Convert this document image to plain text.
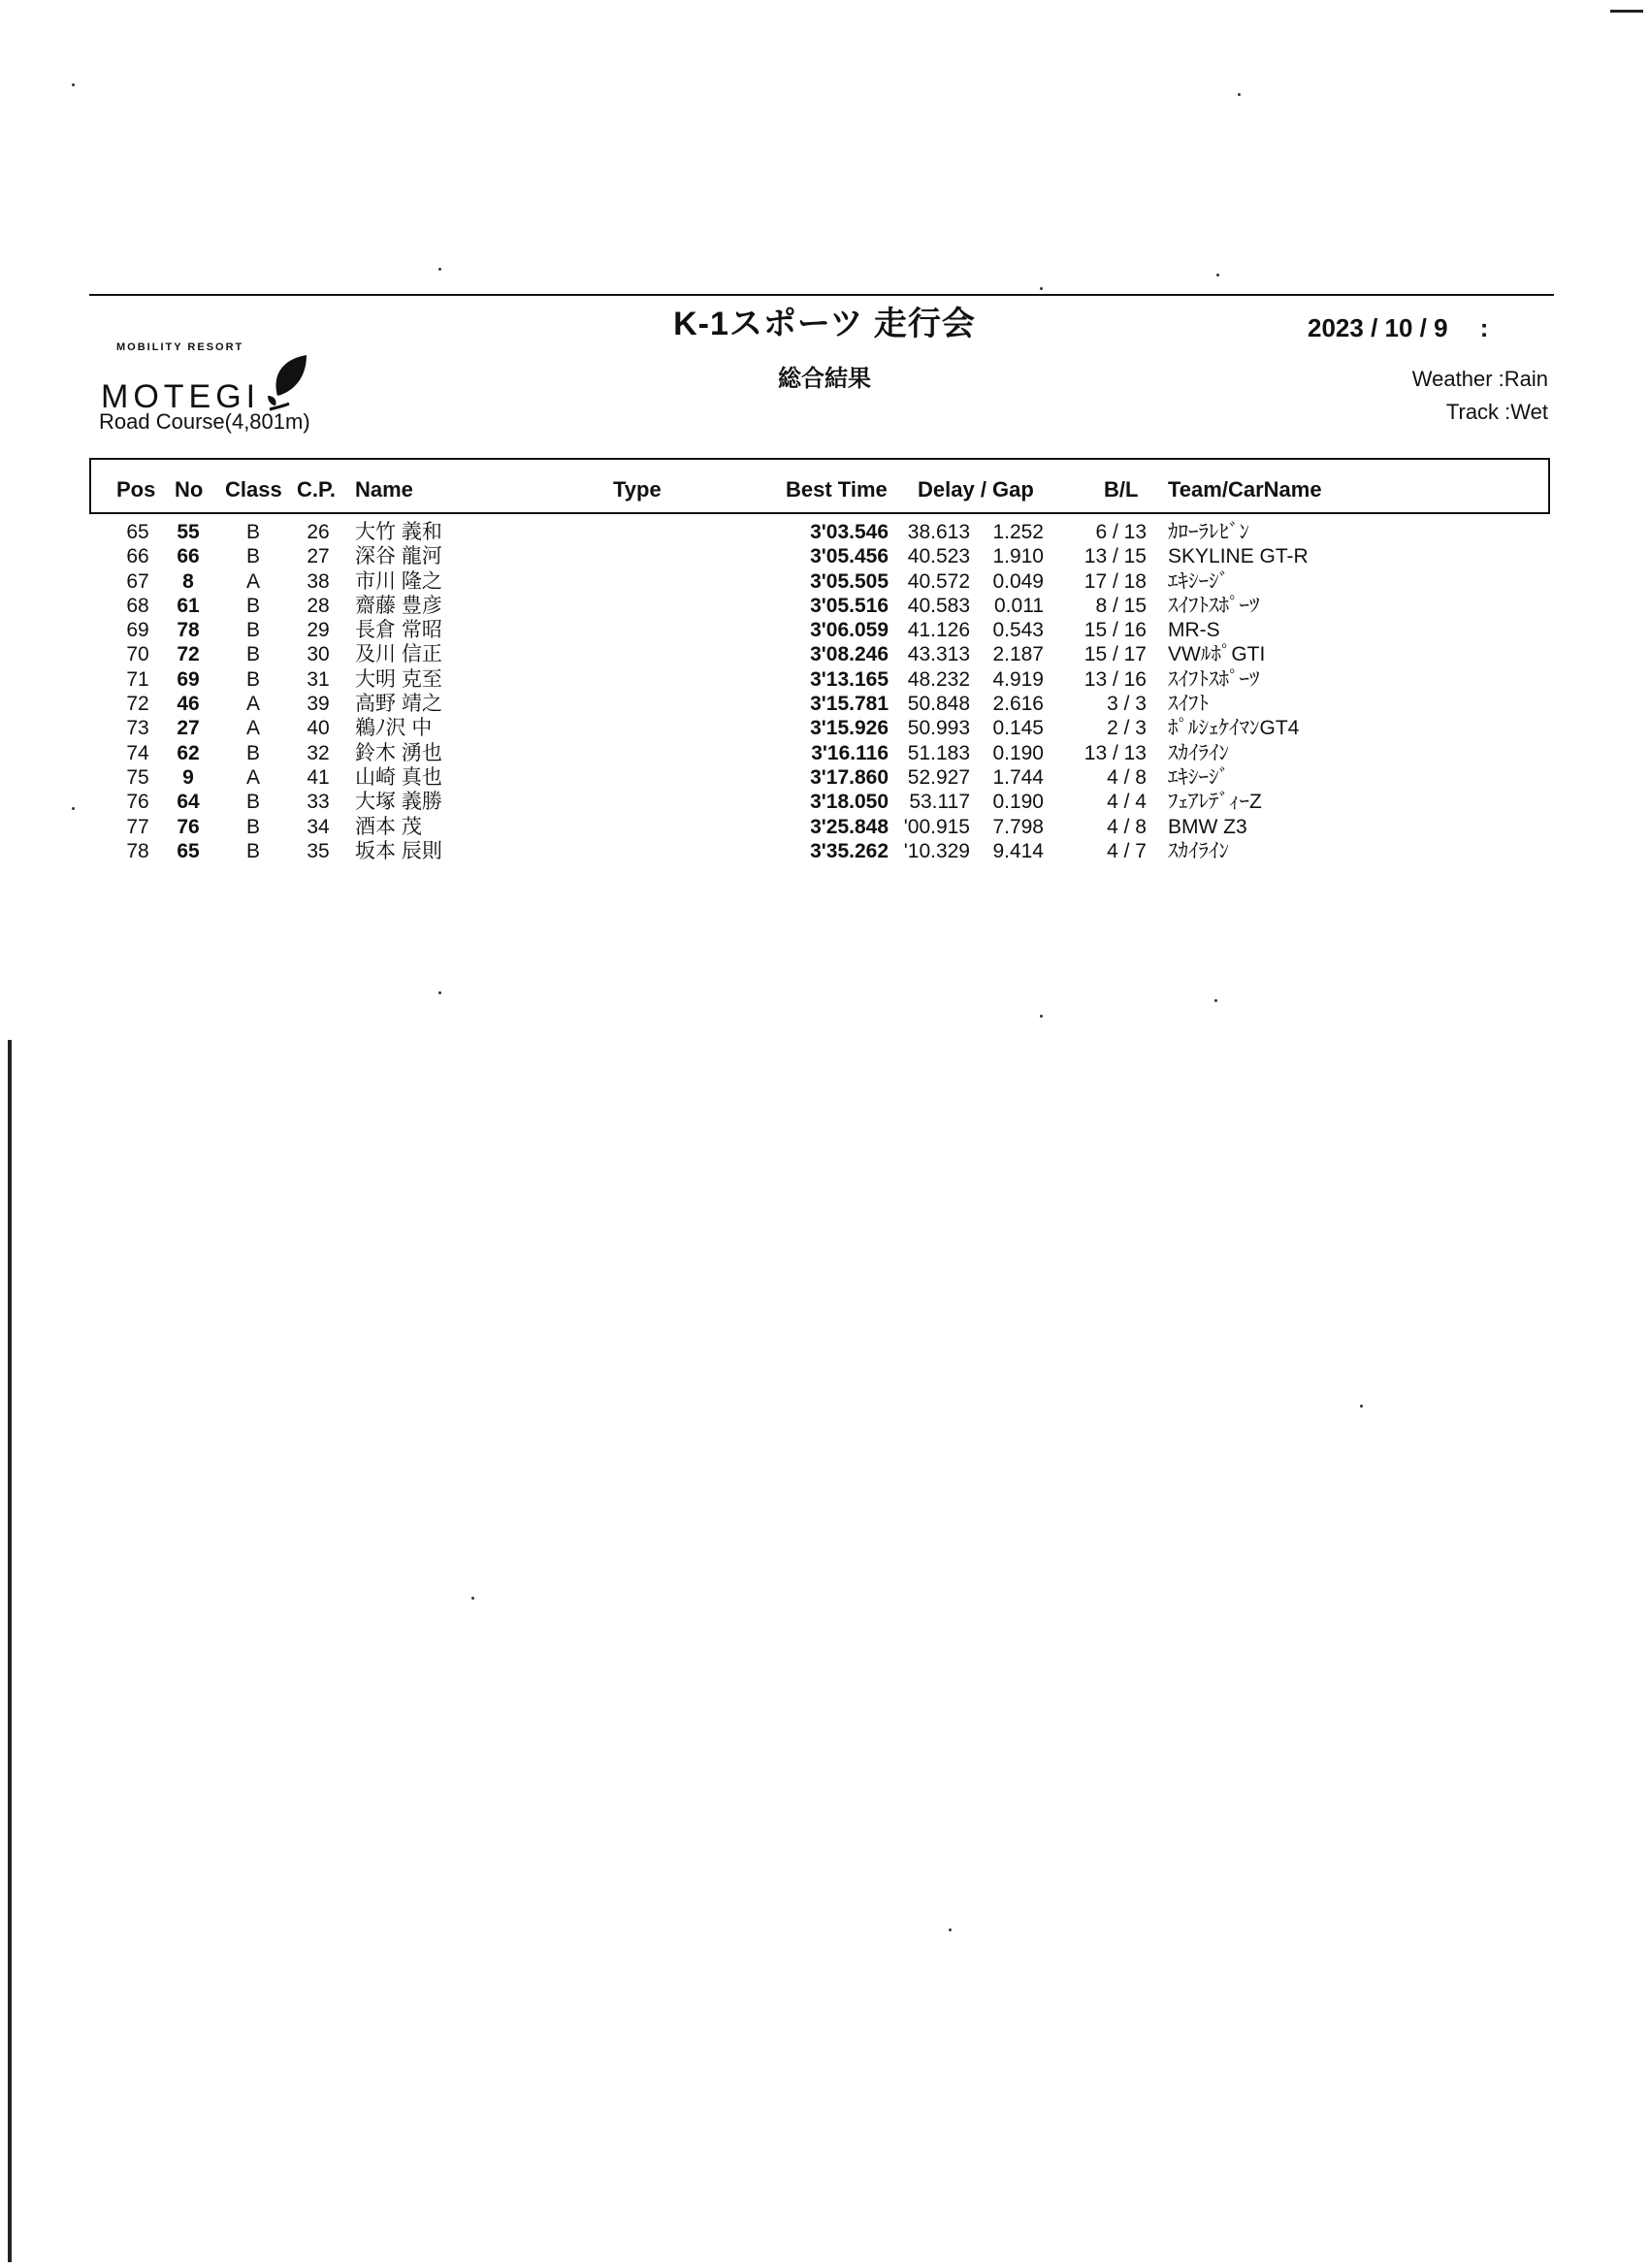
K-1スポーツ 走行会
総合結果
2023 / 10 / 9　 :
Weather :Rain
Track :Wet
MOBILITY RESORT
MOTEGI
Road Course(4,801m)
Pos No Class C.P. Name	Type	Best Time Delay / Gap	B/L Team/CarName
65	55	B	26	大竹 義和	3'03.546 38.613	1.252	6 / 13 ｶﾛｰﾗﾚﾋﾞﾝ
66	66	B	27	深谷 龍河	3'05.456 40.523	1.910	13 / 15 SKYLINE GT-R
67	8	A	38	市川 隆之	3'05.505 40.572	0.049	17 / 18 ｴｷｼｰｼﾞ
68	61	B	28	齋藤 豊彦	3'05.516 40.583	0.011	8 / 15 ｽｲﾌﾄｽﾎﾟｰﾂ
69	78	B	29	長倉 常昭	3'06.059 41.126	0.543	15 / 16 MR-S
70	72	B	30	及川 信正	3'08.246 43.313	2.187	15 / 17 VWﾙﾎﾟGTI
71	69	B	31	大明 克至	3'13.165 48.232	4.919	13 / 16 ｽｲﾌﾄｽﾎﾟｰﾂ
72	46	A	39	高野 靖之	3'15.781 50.848	2.616	3 / 3 ｽｲﾌﾄ
73	27	A	40	鵜ﾉ沢 中	3'15.926 50.993	0.145	2 / 3 ﾎﾟﾙｼｪｹｲﾏﾝGT4
74	62	B	32	鈴木 湧也	3'16.116 51.183	0.190	13 / 13 ｽｶｲﾗｲﾝ
75	9	A	41	山崎 真也	3'17.860 52.927	1.744	4 / 8 ｴｷｼｰｼﾞ
76	64	B	33	大塚 義勝	3'18.050	53.117	0.190	4 / 4 ﾌｪｱﾚﾃﾞｨｰZ
77	76	B	34	酒本 茂	3'25.848 '00.915	7.798	4 / 8 BMW Z3
78	65	B	35	坂本 辰則	3'35.262 '10.329	9.414	4 / 7 ｽｶｲﾗｲﾝ
